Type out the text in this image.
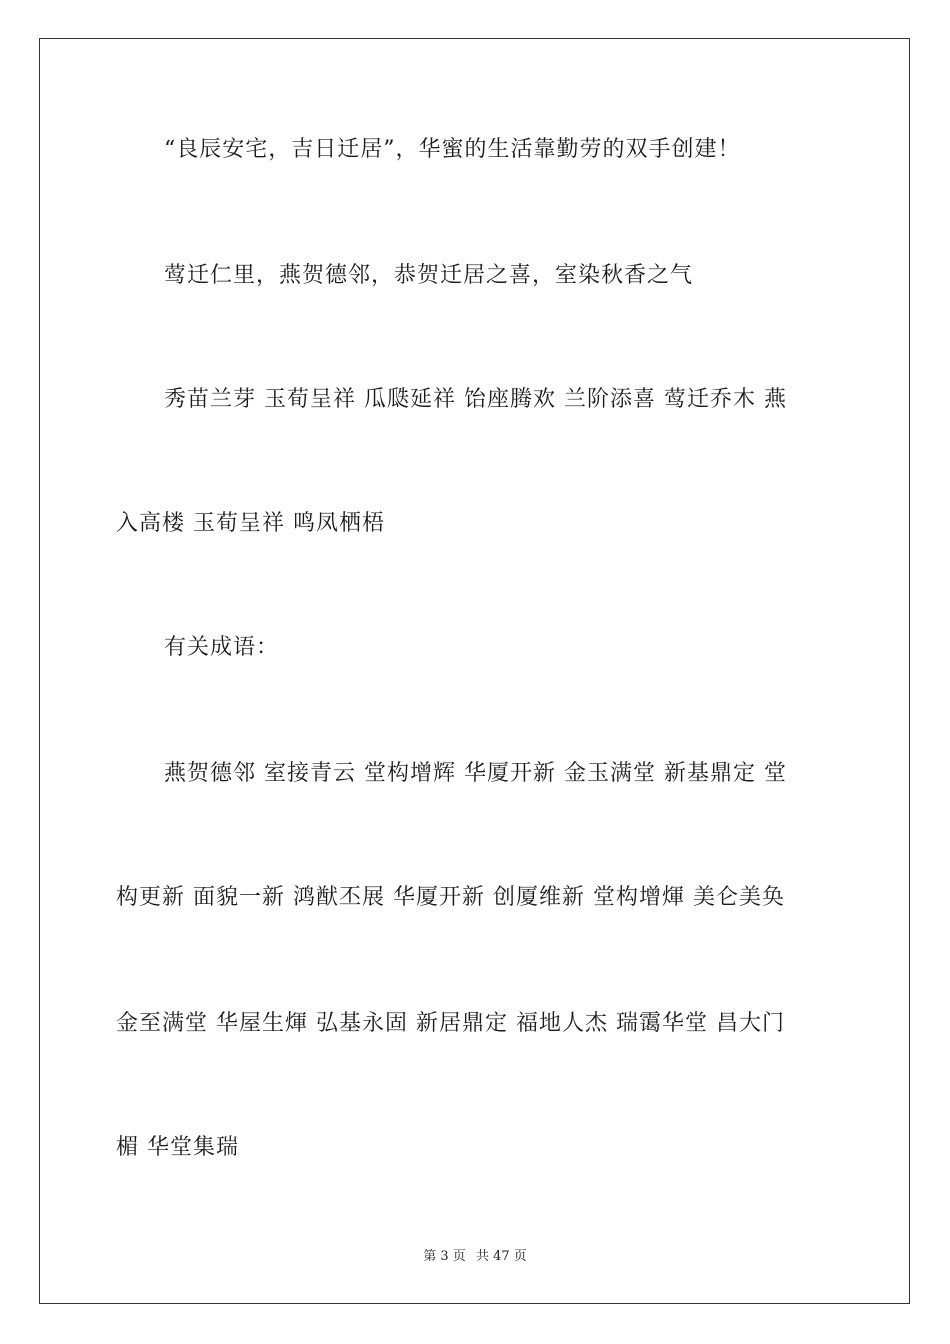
“良辰安宅，吉日迁居”，华蜜的生活靠勤劳的双手创建！
莺迁仁里，燕贺德邻，恭贺迁居之喜，室染秋香之气
秀苗兰芽 玉荀呈祥 瓜瓞延祥 饴座腾欢 兰阶添喜 莺迁乔木 燕
入高楼 玉荀呈祥 鸣凤栖梧
有关成语：
燕贺德邻 室接青云 堂构增辉 华厦开新 金玉满堂 新基鼎定 堂
构更新 面貌一新 鸿猷丕展 华厦开新 创厦维新 堂构增煇 美仑美奂
金至满堂 华屋生煇 弘基永固 新居鼎定 福地人杰 瑞霭华堂 昌大门
楣 华堂集瑞
第 3 页 共 47 页
